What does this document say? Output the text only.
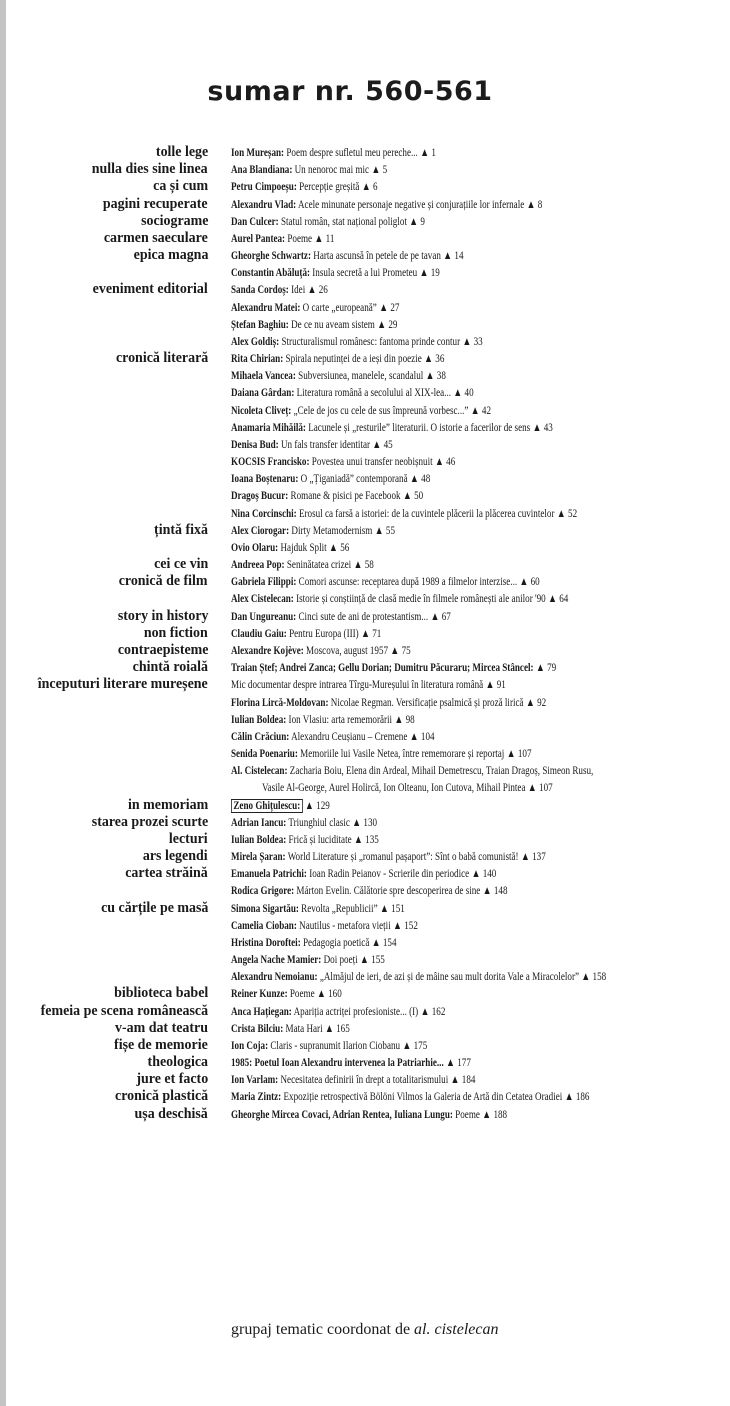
sumar nr. 560-561
tolle lege Ion Mureșan: Poem despre sufletul meu pereche... ▲ 1
nulla dies sine linea Ana Blandiana: Un nenoroc mai mic ▲ 5
ca și cum Petru Cimpoeșu: Percepție greșită ▲ 6
pagini recuperate Alexandru Vlad: Acele minunate personaje negative și conjurațiile lor infernale ▲ 8
sociograme Dan Culcer: Statul român, stat național poliglot ▲ 9
carmen saeculare Aurel Pantea: Poeme ▲ 11
epica magna Gheorghe Schwartz: Harta ascunsă în petele de pe tavan ▲ 14
Constantin Abăluță: Insula secretă a lui Prometeu ▲ 19
eveniment editorial Sanda Cordoș: Idei ▲ 26
Alexandru Matei: O carte „europeană” ▲ 27
Ștefan Baghiu: De ce nu aveam sistem ▲ 29
Alex Goldiș: Structuralismul românesc: fantoma prinde contur ▲ 33
cronică literară Rita Chirian: Spirala neputinței de a ieși din poezie ▲ 36
Mihaela Vancea: Subversiunea, manelele, scandalul ▲ 38
Daiana Gârdan: Literatura română a secolului al XIX-lea... ▲ 40
Nicoleta Clivеț: „Cele de jos cu cele de sus împreună vorbesc...” ▲ 42
Anamaria Mihăilă: Lacunele și „resturile” literaturii. O istorie a facerilor de sens ▲ 43
Denisa Bud: Un fals transfer identitar ▲ 45
KOCSIS Francisko: Povestea unui transfer neobișnuit ▲ 46
Ioana Boștenaru: O „Țiganiadă” contemporană ▲ 48
Dragoș Bucur: Romane & pisici pe Facebook ▲ 50
Nina Corcinschi: Erosul ca farsă a istoriei: de la cuvintele plăcerii la plăcerea cuvintelor ▲ 52
țintă fixă Alex Ciorogar: Dirty Metamodernism ▲ 55
Ovio Olaru: Hajduk Split ▲ 56
cei ce vin Andreea Pop: Seninătatea crizei ▲ 58
cronică de film Gabriela Filippi: Comori ascunse: receptarea după 1989 a filmelor interzise... ▲ 60
Alex Cistelecan: Istorie și conștiință de clasă medie în filmele românești ale anilor '90 ▲ 64
story in history Dan Ungureanu: Cinci sute de ani de protestantism... ▲ 67
non fiction Claudiu Gaiu: Pentru Europa (III) ▲ 71
contraepisteme Alexandre Kojève: Moscova, august 1957 ▲ 75
chintă roială Traian Ștef; Andrei Zanca; Gellu Dorian; Dumitru Păcuraru; Mircea Stâncel: ▲ 79
începuturi literare mureșene Mic documentar despre intrarea Tîrgu-Mureșului în literatura română ▲ 91
Florina Lircă-Moldovan: Nicolae Regman. Versificație psalmică și proză lirică ▲ 92
Iulian Boldea: Ion Vlasiu: arta rememorării ▲ 98
Călin Crăciun: Alexandru Ceușianu – Cremene ▲ 104
Senida Poenariu: Memoriile lui Vasile Netea, între rememorare și reportaj ▲ 107
Al. Cistelecan: Zacharia Boiu, Elena din Ardeal, Mihail Demetrescu, Traian Dragoș, Simeon Rusu,
Vasile Al-George, Aurel Holircă, Ion Olteanu, Ion Cutova, Mihail Pintea ▲ 107
in memoriam Zeno Ghițulescu: ▲ 129
starea prozei scurte Adrian Iancu: Triunghiul clasic ▲ 130
lecturi Iulian Boldea: Frică și luciditate ▲ 135
ars legendi Mirela Șaran: World Literature și „romanul pașaport”: Sînt o babă comunistă! ▲ 137
cartea străină Emanuela Patrichi: Ioan Radin Peianov - Scrierile din periodice ▲ 140
Rodica Grigore: Márton Evelin. Călătorie spre descoperirea de sine ▲ 148
cu cărțile pe masă Simona Sigartău: Revolta „Republicii” ▲ 151
Camelia Cioban: Nautilus - metafora vieții ▲ 152
Hristina Doroftei: Pedagogia poetică ▲ 154
Angela Nache Mamier: Doi poeți ▲ 155
Alexandru Nemoianu: „Almăjul de ieri, de azi și de mâine sau mult dorita Vale a Miracolelor” ▲ 158
biblioteca babel Reiner Kunze: Poeme ▲ 160
femeia pe scena românească Anca Hațiegan: Apariția actriței profesioniste... (I) ▲ 162
v-am dat teatru Crista Bilciu: Mata Hari ▲ 165
fișe de memorie Ion Coja: Claris - supranumit Ilarion Ciobanu ▲ 175
theologica 1985: Poetul Ioan Alexandru intervenea la Patriarhie... ▲ 177
jure et facto Ion Varlam: Necesitatea definirii în drept a totalitarismului ▲ 184
cronică plastică Maria Zintz: Expoziție retrospectivă Bölöni Vilmos la Galeria de Artă din Cetatea Oradiei ▲ 186
ușa deschisă Gheorghe Mircea Covaci, Adrian Rentea, Iuliana Lungu: Poeme ▲ 188
grupaj tematic coordonat de al. cistelecan
